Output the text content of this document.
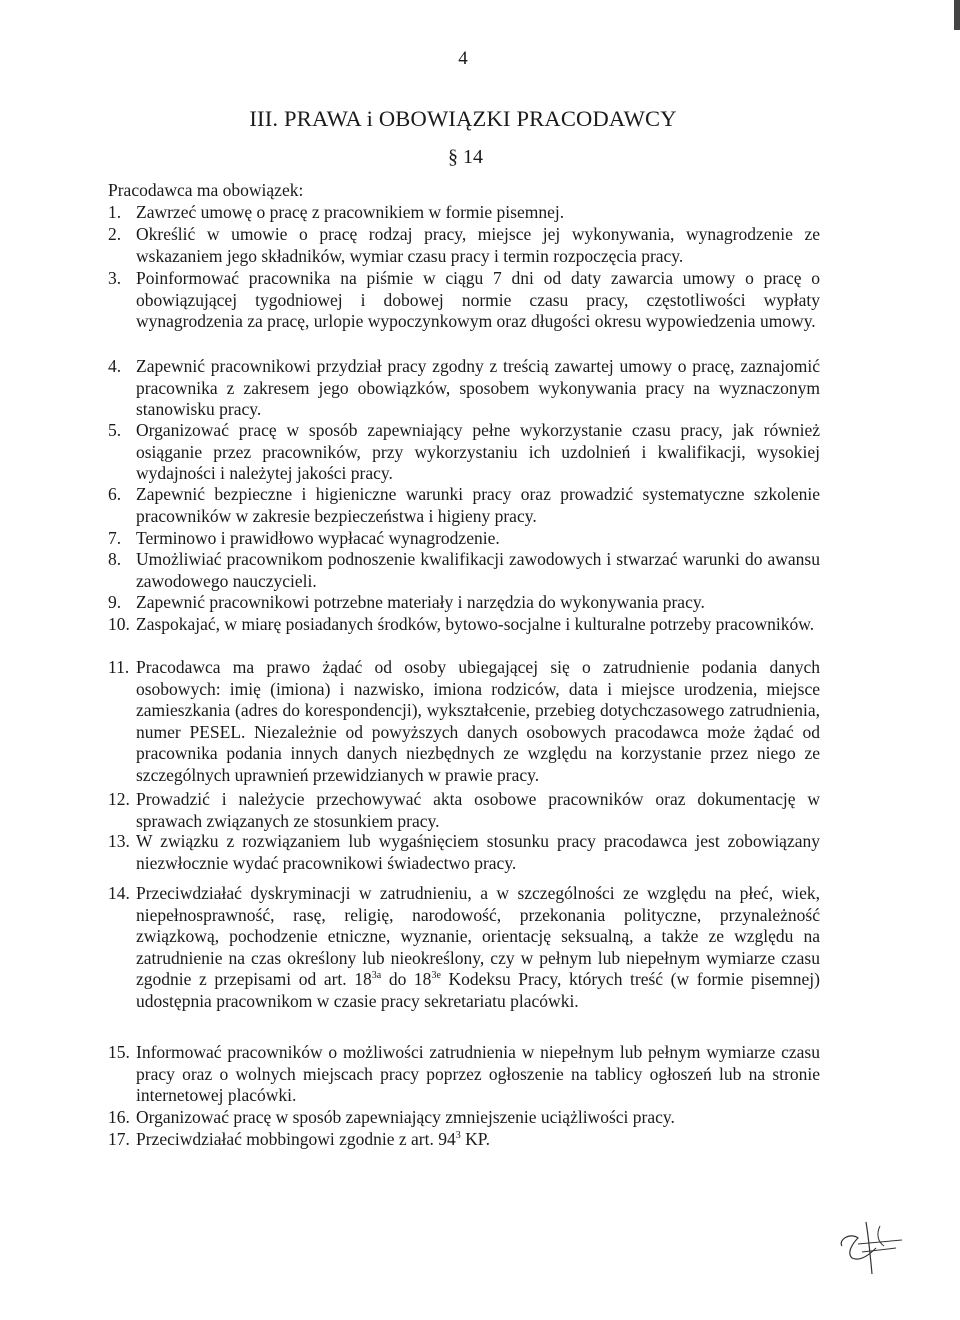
4
III. PRAWA i OBOWIĄZKI PRACODAWCY
§ 14
Pracodawca ma obowiązek:
1. Zawrzeć umowę o pracę z pracownikiem w formie pisemnej.
2. Określić w umowie o pracę rodzaj pracy, miejsce jej wykonywania, wynagrodzenie ze wskazaniem jego składników, wymiar czasu pracy i termin rozpoczęcia pracy.
3. Poinformować pracownika na piśmie w ciągu 7 dni od daty zawarcia umowy o pracę o obowiązującej tygodniowej i dobowej normie czasu pracy, częstotliwości wypłaty wynagrodzenia za pracę, urlopie wypoczynkowym oraz długości okresu wypowiedzenia umowy.
4. Zapewnić pracownikowi przydział pracy zgodny z treścią zawartej umowy o pracę, zaznajomić pracownika z zakresem jego obowiązków, sposobem wykonywania pracy na wyznaczonym stanowisku pracy.
5. Organizować pracę w sposób zapewniający pełne wykorzystanie czasu pracy, jak również osiąganie przez pracowników, przy wykorzystaniu ich uzdolnień i kwalifikacji, wysokiej wydajności i należytej jakości pracy.
6. Zapewnić bezpieczne i higieniczne warunki pracy oraz prowadzić systematyczne szkolenie pracowników w zakresie bezpieczeństwa i higieny pracy.
7. Terminowo i prawidłowo wypłacać wynagrodzenie.
8. Umożliwiać pracownikom podnoszenie kwalifikacji zawodowych i stwarzać warunki do awansu zawodowego nauczycieli.
9. Zapewnić pracownikowi potrzebne materiały i narzędzia do wykonywania pracy.
10. Zaspokajać, w miarę posiadanych środków, bytowo-socjalne i kulturalne potrzeby pracowników.
11. Pracodawca ma prawo żądać od osoby ubiegającej się o zatrudnienie podania danych osobowych: imię (imiona) i nazwisko, imiona rodziców, data i miejsce urodzenia, miejsce zamieszkania (adres do korespondencji), wykształcenie, przebieg dotychczasowego zatrudnienia, numer PESEL. Niezależnie od powyższych danych osobowych pracodawca może żądać od pracownika podania innych danych niezbędnych ze względu na korzystanie przez niego ze szczególnych uprawnień przewidzianych w prawie pracy.
12. Prowadzić i należycie przechowywać akta osobowe pracowników oraz dokumentację w sprawach związanych ze stosunkiem pracy.
13. W związku z rozwiązaniem lub wygaśnięciem stosunku pracy pracodawca jest zobowiązany niezwłocznie wydać pracownikowi świadectwo pracy.
14. Przeciwdziałać dyskryminacji w zatrudnieniu, a w szczególności ze względu na płeć, wiek, niepełnosprawność, rasę, religię, narodowość, przekonania polityczne, przynależność związkową, pochodzenie etniczne, wyznanie, orientację seksualną, a także ze względu na zatrudnienie na czas określony lub nieokreślony, czy w pełnym lub niepełnym wymiarze czasu zgodnie z przepisami od art. $18^{3a}$ do $18^{3e}$ Kodeksu Pracy, których treść (w formie pisemnej) udostępnia pracownikom w czasie pracy sekretariatu placówki.
15. Informować pracowników o możliwości zatrudnienia w niepełnym lub pełnym wymiarze czasu pracy oraz o wolnych miejscach pracy poprzez ogłoszenie na tablicy ogłoszeń lub na stronie internetowej placówki.
16. Organizować pracę w sposób zapewniający zmniejszenie uciążliwości pracy.
17. Przeciwdziałać mobbingowi zgodnie z art. $94^3$ KP.
